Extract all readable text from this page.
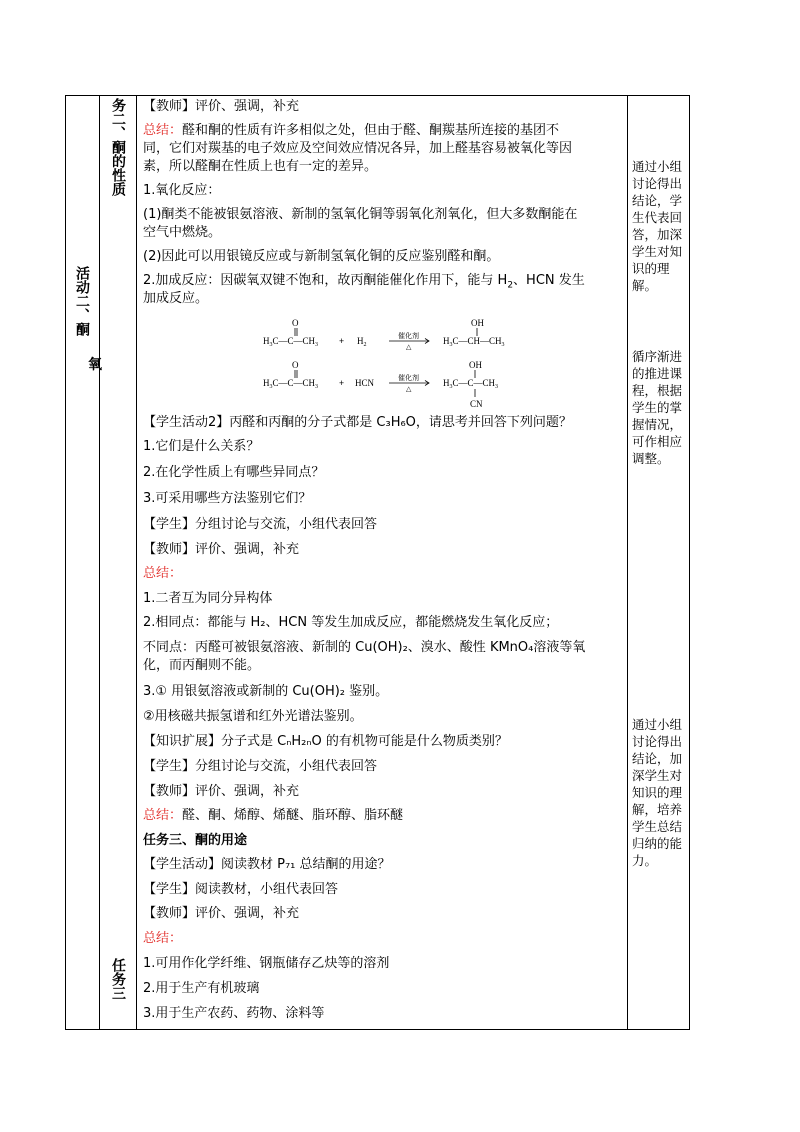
活动二、酮
氧
务二、酮的性质
任务三
【教师】评价、强调，补充
总结：醛和酮的性质有许多相似之处，但由于醛、酮羰基所连接的基团不
同，它们对羰基的电子效应及空间效应情况各异，加上醛基容易被氧化等因
素，所以醛酮在性质上也有一定的差异。
1.氧化反应：
(1)酮类不能被银氨溶液、新制的氢氧化铜等弱氧化剂氧化，但大多数酮能在
空气中燃烧。
(2)因此可以用银镜反应或与新制氢氧化铜的反应鉴别醛和酮。
2.加成反应：因碳氧双键不饱和，故丙酮能催化作用下，能与 $H_2$、HCN 发生
加成反应。
$H_3C—C—CH_3$
O
+ $H_2$
催化剂
△
$H_3C—CH—CH_3$
OH
$H_3C—C—CH_3$
O
+ HCN	催化剂
△
$H_3C—C—CH_3$
OH
CN
【学生活动2】丙醛和丙酮的分子式都是 C₃H₆O，请思考并回答下列问题？
1.它们是什么关系？
2.在化学性质上有哪些异同点？
3.可采用哪些方法鉴别它们？
【学生】分组讨论与交流，小组代表回答
【教师】评价、强调，补充
总结：
1.二者互为同分异构体
2.相同点：都能与 H₂、HCN 等发生加成反应，都能燃烧发生氧化反应；
不同点：丙醛可被银氨溶液、新制的 Cu(OH)₂、溴水、酸性 KMnO₄溶液等氧
化，而丙酮则不能。
3.① 用银氨溶液或新制的 Cu(OH)₂ 鉴别。
②用核磁共振氢谱和红外光谱法鉴别。
【知识扩展】分子式是 CₙH₂ₙO 的有机物可能是什么物质类别？
【学生】分组讨论与交流，小组代表回答
【教师】评价、强调，补充
总结：醛、酮、烯醇、烯醚、脂环醇、脂环醚
任务三、酮的用途
【学生活动】阅读教材 P₇₁ 总结酮的用途？
【学生】阅读教材，小组代表回答
【教师】评价、强调，补充
总结：
1.可用作化学纤维、钢瓶储存乙炔等的溶剂
2.用于生产有机玻璃
3.用于生产农药、药物、涂料等
通过小组讨论得出结论，学生代表回答，加深学生对知识的理解。
循序渐进的推进课程，根据学生的掌握情况，可作相应调整。
通过小组讨论得出结论，加深学生对知识的理解，培养学生总结归纳的能力。
